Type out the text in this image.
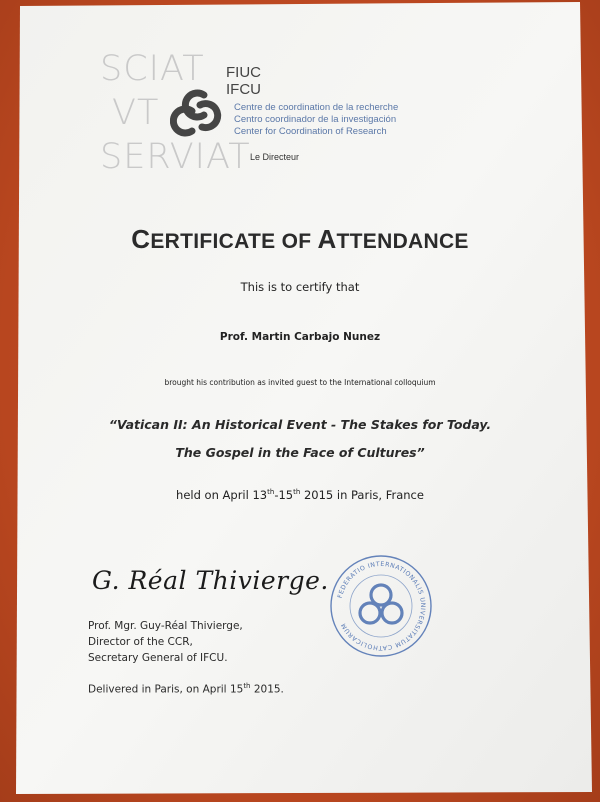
SCIAT
VT
SERVIAT
FIUC
IFCU
Centre de coordination de la recherche
Centro coordinador de la investigación
Center for Coordination of Research
Le Directeur
CERTIFICATE OF ATTENDANCE
This is to certify that
Prof. Martin Carbajo Nunez
brought his contribution as invited guest to the International colloquium
“Vatican II: An Historical Event - The Stakes for Today.
The Gospel in the Face of Cultures”
held on April 13th-15th 2015 in Paris, France
G. Réal Thivierge.
Prof. Mgr. Guy-Réal Thivierge,
Director of the CCR,
Secretary General of IFCU.
Delivered in Paris, on April 15th 2015.
FEDERATIO INTERNATIONALIS UNIVERSITATUM CATHOLICARUM
